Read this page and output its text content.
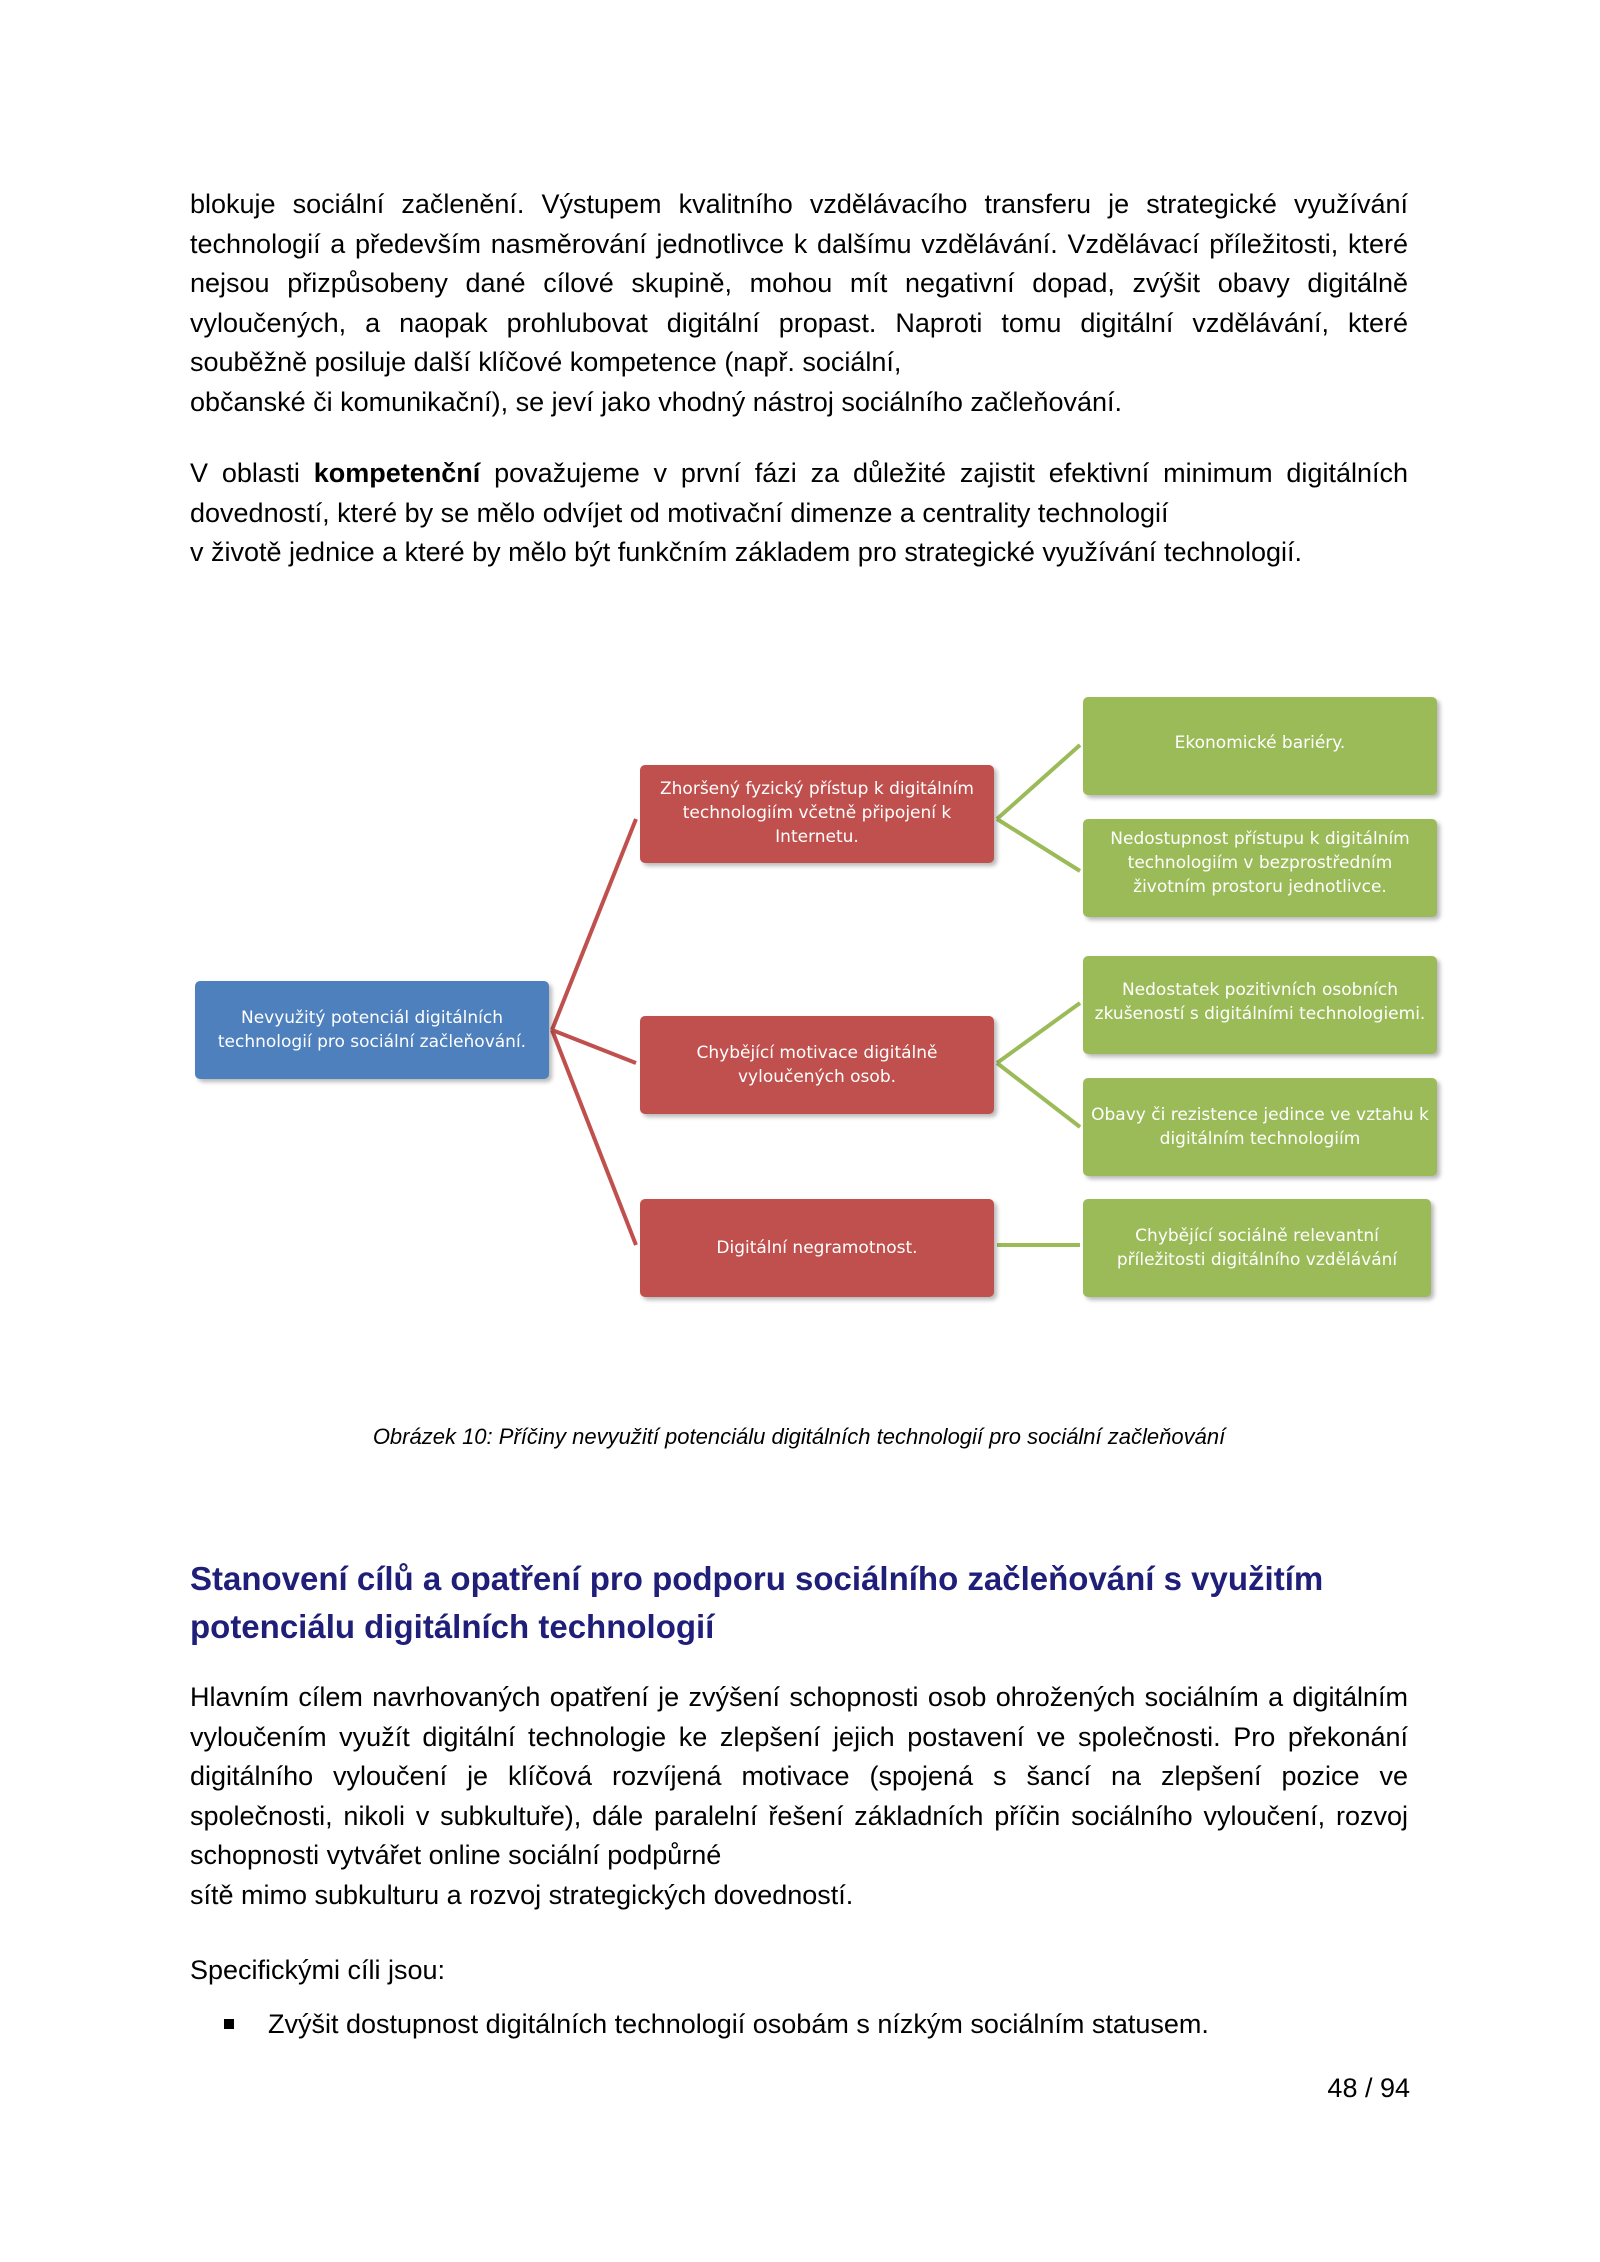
blokuje sociální začlenění. Výstupem kvalitního vzdělávacího transferu je strategické využívání technologií a především nasměrování jednotlivce k dalšímu vzdělávání. Vzdělávací příležitosti, které nejsou přizpůsobeny dané cílové skupině, mohou mít negativní dopad, zvýšit obavy digitálně vyloučených, a naopak prohlubovat digitální propast. Naproti tomu digitální vzdělávání, které souběžně posiluje další klíčové kompetence (např. sociální,
občanské či komunikační), se jeví jako vhodný nástroj sociálního začleňování.

V oblasti kompetenční považujeme v první fázi za důležité zajistit efektivní minimum digitálních dovedností, které by se mělo odvíjet od motivační dimenze a centrality technologií
v životě jednice a které by mělo být funkčním základem pro strategické využívání technologií.

Nevyužitý potenciál digitálních technologií pro sociální začleňování.
Zhoršený fyzický přístup k digitálním technologiím včetně připojení k Internetu.
Chybějící motivace digitálně vyloučených osob.
Digitální negramotnost.
Ekonomické bariéry.
Nedostupnost přístupu k digitálním technologiím v bezprostředním životním prostoru jednotlivce.
Nedostatek pozitivních osobních zkušeností s digitálními technologiemi.
Obavy či rezistence jedince ve vztahu k digitálním technologiím
Chybějící sociálně relevantní příležitosti digitálního vzdělávání
Obrázek 10: Příčiny nevyužití potenciálu digitálních technologií pro sociální začleňování
Stanovení cílů a opatření pro podporu sociálního začleňování s využitím potenciálu digitálních technologií

Hlavním cílem navrhovaných opatření je zvýšení schopnosti osob ohrožených sociálním a digitálním vyloučením využít digitální technologie ke zlepšení jejich postavení ve společnosti. Pro překonání digitálního vyloučení je klíčová rozvíjená motivace (spojená s šancí na zlepšení pozice ve společnosti, nikoli v subkultuře), dále paralelní řešení základních příčin sociálního vyloučení, rozvoj schopnosti vytvářet online sociální podpůrné
sítě mimo subkulturu a rozvoj strategických dovedností.

Specifickými cíli jsou:

Zvýšit dostupnost digitálních technologií osobám s nízkým sociálním statusem.
48 / 94
